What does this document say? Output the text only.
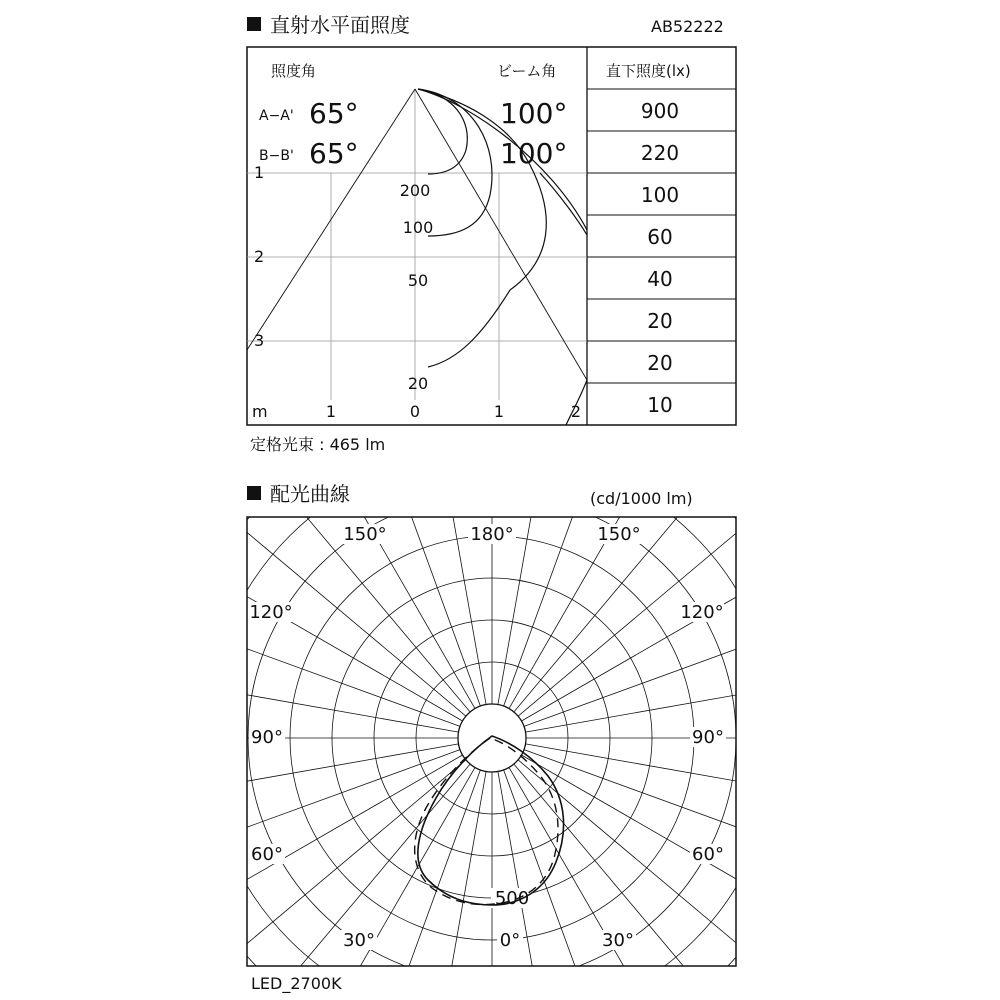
直射水平面照度	AB52222
照度角	ビーム角	直下照度(lx)
900
220
100
60
40
20
20
10
A−A' 65°	100°
B−B' 65°	100°
1
2
3
m	1	0	1	2
200
100
50
20
定格光束 : 465 lm
配光曲線	(cd/1000 lm)
150°	180°	150°
120°	120°
90°	90°
60°	60°
30°	0°	30°
500
LED_2700K
